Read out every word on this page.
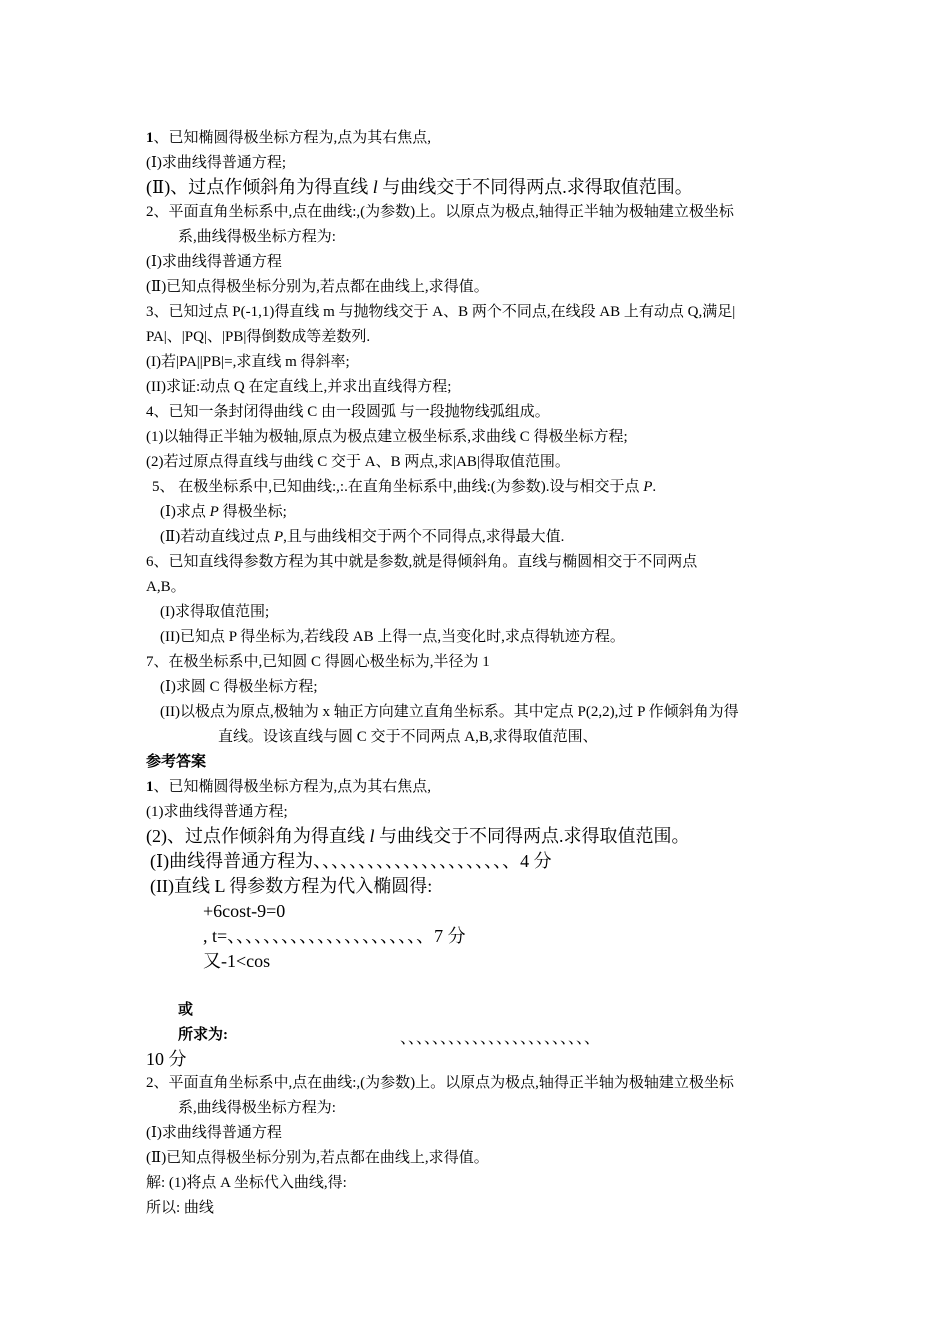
1、已知椭圆得极坐标方程为,点为其右焦点,
(Ⅰ)求曲线得普通方程;
(Ⅱ)、过点作倾斜角为得直线 l 与曲线交于不同得两点.求得取值范围。
2、平面直角坐标系中,点在曲线:,(为参数)上。以原点为极点,轴得正半轴为极轴建立极坐标
系,曲线得极坐标方程为:
(Ⅰ)求曲线得普通方程
(Ⅱ)已知点得极坐标分别为,若点都在曲线上,求得值。
3、已知过点 P(-1,1)得直线 m 与抛物线交于 A、B 两个不同点,在线段 AB 上有动点 Q,满足|
PA|、|PQ|、|PB|得倒数成等差数列.
(I)若|PA||PB|=,求直线 m 得斜率;
(II)求证:动点 Q 在定直线上,并求出直线得方程;
4、已知一条封闭得曲线 C 由一段圆弧 与一段抛物线弧组成。
(1)以轴得正半轴为极轴,原点为极点建立极坐标系,求曲线 C 得极坐标方程;
(2)若过原点得直线与曲线 C 交于 A、B 两点,求|AB|得取值范围。
5、 在极坐标系中,已知曲线:,:.在直角坐标系中,曲线:(为参数).设与相交于点 P.
(Ⅰ)求点 P 得极坐标;
(Ⅱ)若动直线过点 P,且与曲线相交于两个不同得点,求得最大值.
6、已知直线得参数方程为其中就是参数,就是得倾斜角。直线与椭圆相交于不同两点
A,B。
(I)求得取值范围;
(II)已知点 P 得坐标为,若线段 AB 上得一点,当变化时,求点得轨迹方程。
7、在极坐标系中,已知圆 C 得圆心极坐标为,半径为 1
(Ⅰ)求圆 C 得极坐标方程;
(II)以极点为原点,极轴为 x 轴正方向建立直角坐标系。其中定点 P(2,2),过 P 作倾斜角为得
直线。设该直线与圆 C 交于不同两点 A,B,求得取值范围、
参考答案
1、已知椭圆得极坐标方程为,点为其右焦点,
(1)求曲线得普通方程;
(2)、过点作倾斜角为得直线 l 与曲线交于不同得两点.求得取值范围。
(Ⅰ)曲线得普通方程为、、、、、、、、、、、、、、、、、、、、、、4 分
(II)直线 L 得参数方程为代入椭圆得:
+6cost-9=0
, t=、、、、、、、、、、、、、、、、、、、、、、7 分
又-1<cos
或
所求为:	、、、、、、、、、、、、、、、、、、、、、、、、
10 分
2、平面直角坐标系中,点在曲线:,(为参数)上。以原点为极点,轴得正半轴为极轴建立极坐标
系,曲线得极坐标方程为:
(Ⅰ)求曲线得普通方程
(Ⅱ)已知点得极坐标分别为,若点都在曲线上,求得值。
解: (1)将点 A 坐标代入曲线,得:
所以: 曲线
